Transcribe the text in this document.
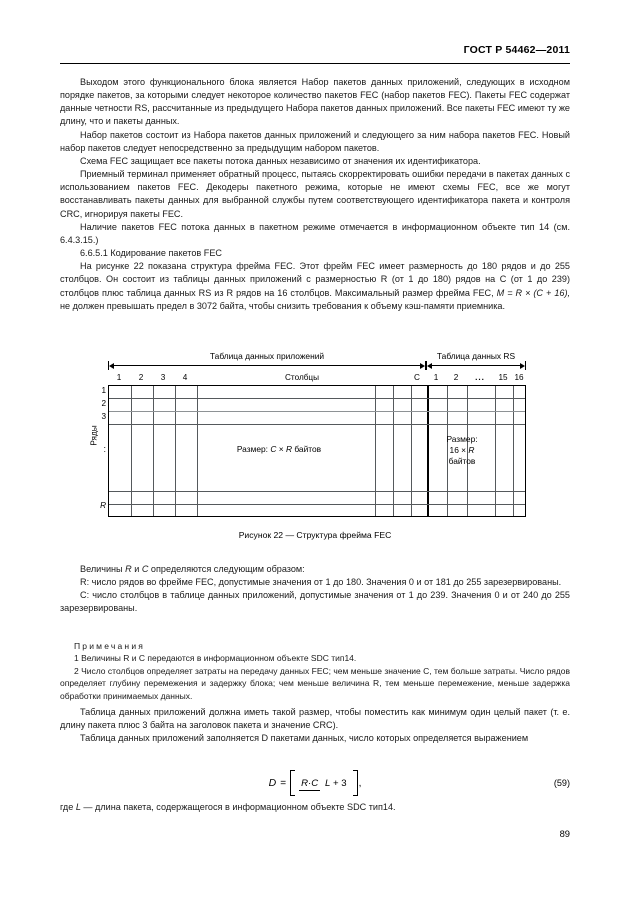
ГОСТ Р 54462—2011

Выходом этого функционального блока является Набор пакетов данных приложений, следующих в исходном порядке пакетов, за которыми следует некоторое количество пакетов FEC (набор пакетов FEC). Пакеты FEC содержат данные четности RS, рассчитанные из предыдущего Набора пакетов данных приложений. Все пакеты FEC имеют ту же длину, что и пакеты данных.

Набор пакетов состоит из Набора пакетов данных приложений и следующего за ним набора пакетов FEC. Новый набор пакетов следует непосредственно за предыдущим набором пакетов.

Схема FEC защищает все пакеты потока данных независимо от значения их идентификатора.

Приемный терминал применяет обратный процесс, пытаясь скорректировать ошибки передачи в пакетах данных с использованием пакетов FEC. Декодеры пакетного режима, которые не имеют схемы FEC, все же могут восстанавливать пакеты данных для выбранной службы путем соответствующего идентификатора пакета и контроля CRC, игнорируя пакеты FEC.

Наличие пакетов FEC потока данных в пакетном режиме отмечается в информационном объекте тип 14 (см. 6.4.3.15.)

6.6.5.1 Кодирование пакетов FEC

На рисунке 22 показана структура фрейма FEC. Этот фрейм FEC имеет размерность до 180 рядов и до 255 столбцов. Он состоит из таблицы данных приложений с размерностью R (от 1 до 180) рядов на С (от 1 до 239) столбцов плюс таблица данных RS из R рядов на 16 столбцов. Максимальный размер фрейма FEC, M = R × (C + 16), не должен превышать предел в 3072 байта, чтобы снизить требования к объему кэш-памяти приемника.

Таблица данных приложений	Таблица данных RS
1	2	3	4	Столбцы	C	1	2	...	15 16
Ряды
1
2
3
:
R
Размер: C × R байтов
Размер:
16 × R
байтов
Рисунок 22 — Структура фрейма FEC

Величины R и C определяются следующим образом:

R: число рядов во фрейме FEC, допустимые значения от 1 до 180. Значения 0 и от 181 до 255 зарезервированы.

C: число столбцов в таблице данных приложений, допустимые значения от 1 до 239. Значения 0 и от 240 до 255 зарезервированы.

Примечания

1 Величины R и C передаются в информационном объекте SDC тип14.

2 Число столбцов определяет затраты на передачу данных FEC; чем меньше значение C, тем больше затраты. Число рядов определяет глубину перемежения и задержку блока; чем меньше величина R, тем меньше перемежение, меньше задержка обработки принимаемых данных.

Таблица данных приложений должна иметь такой размер, чтобы поместить как минимум один целый пакет (т. е. длину пакета плюс 3 байта на заголовок пакета и значение CRC).

Таблица данных приложений заполняется D пакетами данных, число которых определяется выражением

D =	R·C L + 3	,	(59)
где L — длина пакета, содержащегося в информационном объекте SDC тип14.
89
